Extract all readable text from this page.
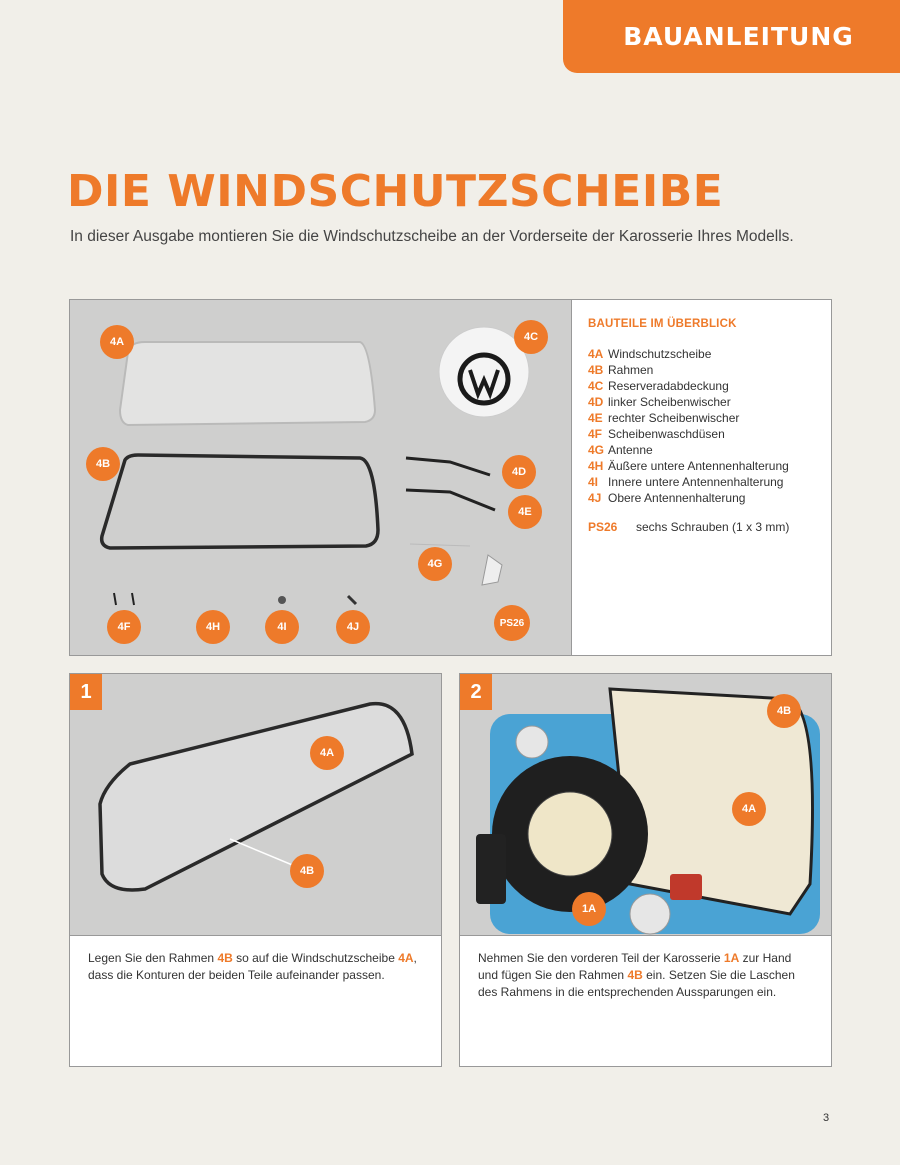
BAUANLEITUNG
DIE WINDSCHUTZSCHEIBE

In dieser Ausgabe montieren Sie die Windschutzscheibe an der Vorderseite der Karosserie Ihres Modells.

4A	4C
4B
4D
4E
4G
PS26
4F	4H	4I	4J
BAUTEILE IM ÜBERBLICK
4A Windschutzscheibe
4B Rahmen
4C Reserveradabdeckung
4D linker Scheibenwischer
4E rechter Scheibenwischer
4F Scheibenwaschdüsen
4G Antenne
4H Äußere untere Antennenhalterung
4I Innere untere Antennenhalterung
4J Obere Antennenhalterung
PS26 sechs Schrauben (1 x 3 mm)
1
4A
4B

Legen Sie den Rahmen 4B so auf die Windschutzscheibe 4A, dass die Konturen der beiden Teile aufeinander passen.

2
4B
4A
1A

Nehmen Sie den vorderen Teil der Karosserie 1A zur Hand und fügen Sie den Rahmen 4B ein. Setzen Sie die Laschen des Rahmens in die entsprechenden Aussparungen ein.

3
